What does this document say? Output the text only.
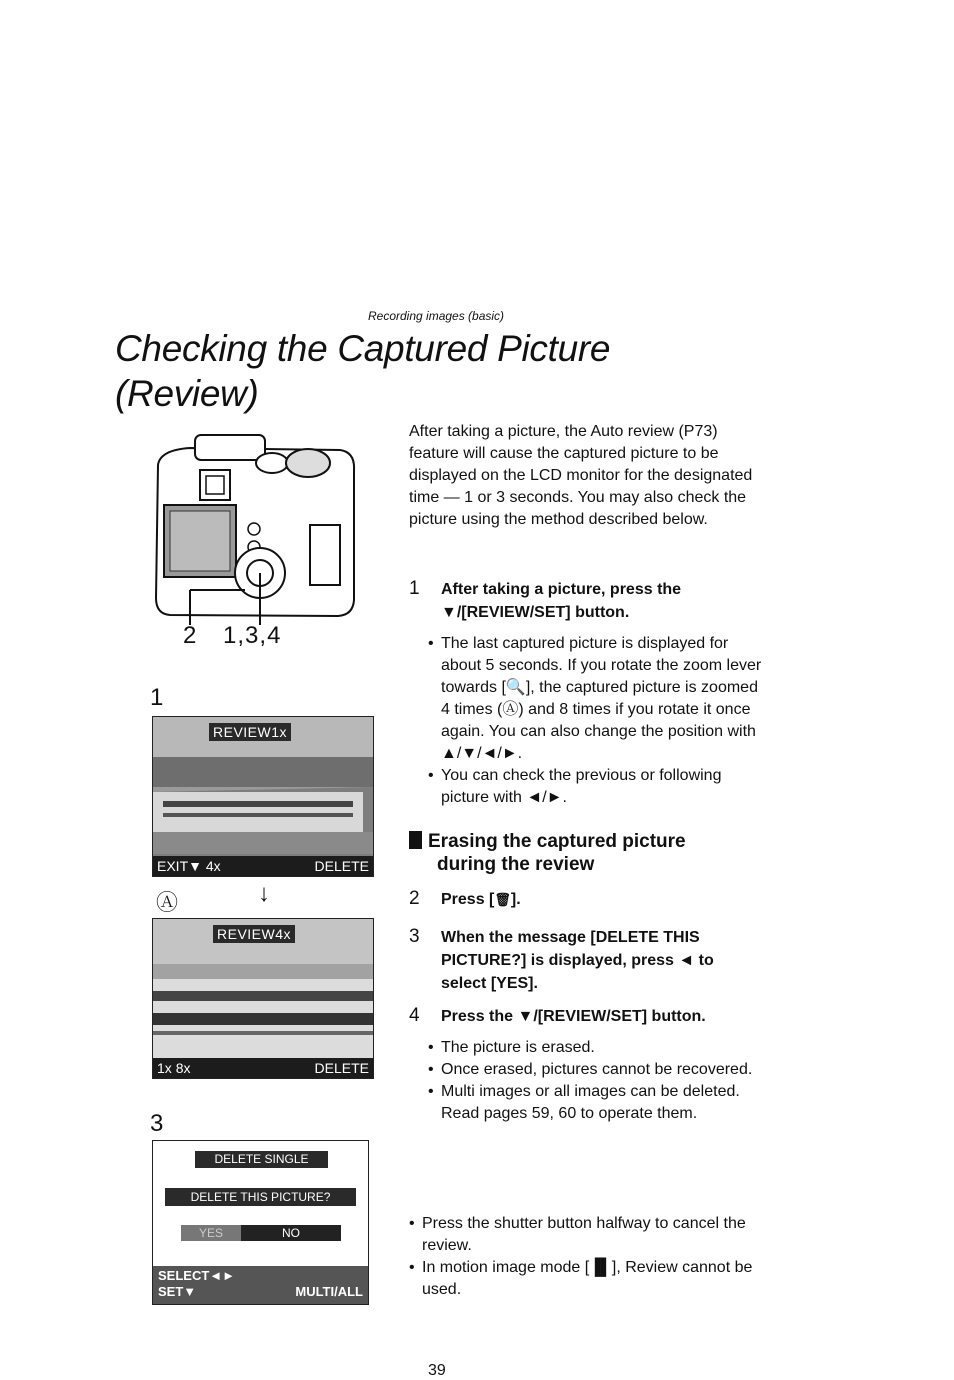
Recording images (basic)
Checking the Captured Picture
(Review)
2 1,3,4
1
REVIEW1x
EXIT▼ 4x	DELETE
Ⓐ	↓
REVIEW4x
1x 8x	DELETE
3
DELETE SINGLE
DELETE THIS PICTURE?
YES	NO
SELECT◄►
SET▼	MULTI/ALL
After taking a picture, the Auto review (P73) feature will cause the captured picture to be displayed on the LCD monitor for the designated time — 1 or 3 seconds. You may also check the picture using the method described below.
1 After taking a picture, press the ▼/[REVIEW/SET] button.
• The last captured picture is displayed for about 5 seconds. If you rotate the zoom lever towards [🔍], the captured picture is zoomed 4 times (Ⓐ) and 8 times if you rotate it once again. You can also change the position with ▲/▼/◄/►.
• You can check the previous or following picture with ◄/►.
Erasing the captured picture
during the review
2 Press [🗑].
3 When the message [DELETE THIS PICTURE?] is displayed, press ◄ to select [YES].
4 Press the ▼/[REVIEW/SET] button.
• The picture is erased.
• Once erased, pictures cannot be recovered.
• Multi images or all images can be deleted. Read pages 59, 60 to operate them.
• Press the shutter button halfway to cancel the review.
• In motion image mode [▐▌], Review cannot be used.
39
